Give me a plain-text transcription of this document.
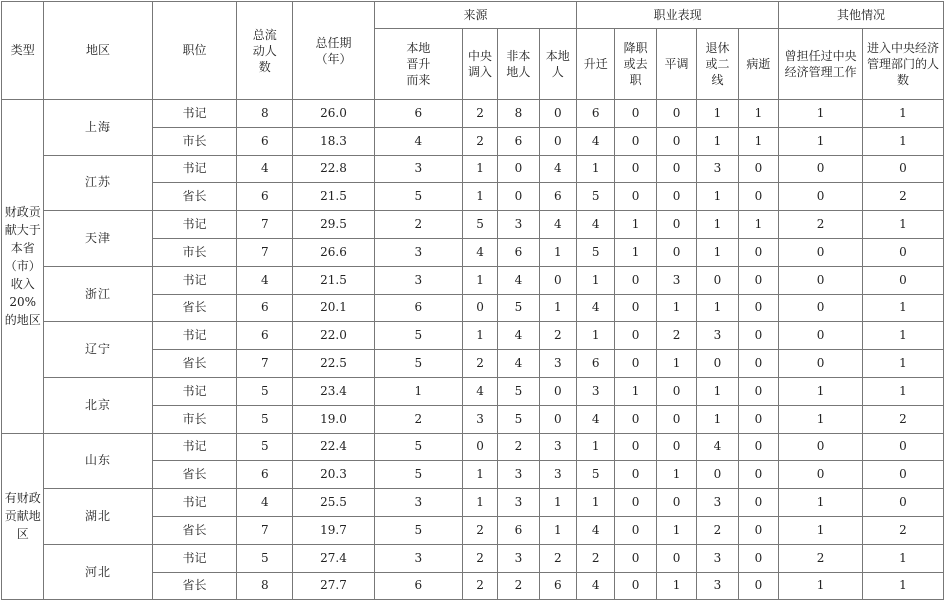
类型	地区	职位	总流动人数	总任期（年）	来源				职业表现					其他情况	
					本地晋升而来	中央调入	非本地人	本地人	升迁	降职或去职	平调	退休或二线	病逝	曾担任过中央经济管理工作	进入中央经济管理部门的人数
财政贡献大于本省（市）收入20%的地区	上海	书记	8	26.0	6	2	8	0	6	0	0	1	1	1	1
		市长	6	18.3	4	2	6	0	4	0	0	1	1	1	1
	江苏	书记	4	22.8	3	1	0	4	1	0	0	3	0	0	0
		省长	6	21.5	5	1	0	6	5	0	0	1	0	0	2
	天津	书记	7	29.5	2	5	3	4	4	1	0	1	1	2	1
		市长	7	26.6	3	4	6	1	5	1	0	1	0	0	0
	浙江	书记	4	21.5	3	1	4	0	1	0	3	0	0	0	0
		省长	6	20.1	6	0	5	1	4	0	1	1	0	0	1
	辽宁	书记	6	22.0	5	1	4	2	1	0	2	3	0	0	1
		省长	7	22.5	5	2	4	3	6	0	1	0	0	0	1
	北京	书记	5	23.4	1	4	5	0	3	1	0	1	0	1	1
		市长	5	19.0	2	3	5	0	4	0	0	1	0	1	2
有财政贡献地区	山东	书记	5	22.4	5	0	2	3	1	0	0	4	0	0	0
		省长	6	20.3	5	1	3	3	5	0	1	0	0	0	0
	湖北	书记	4	25.5	3	1	3	1	1	0	0	3	0	1	0
		省长	7	19.7	5	2	6	1	4	0	1	2	0	1	2
	河北	书记	5	27.4	3	2	3	2	2	0	0	3	0	2	1
		省长	8	27.7	6	2	2	6	4	0	1	3	0	1	1
